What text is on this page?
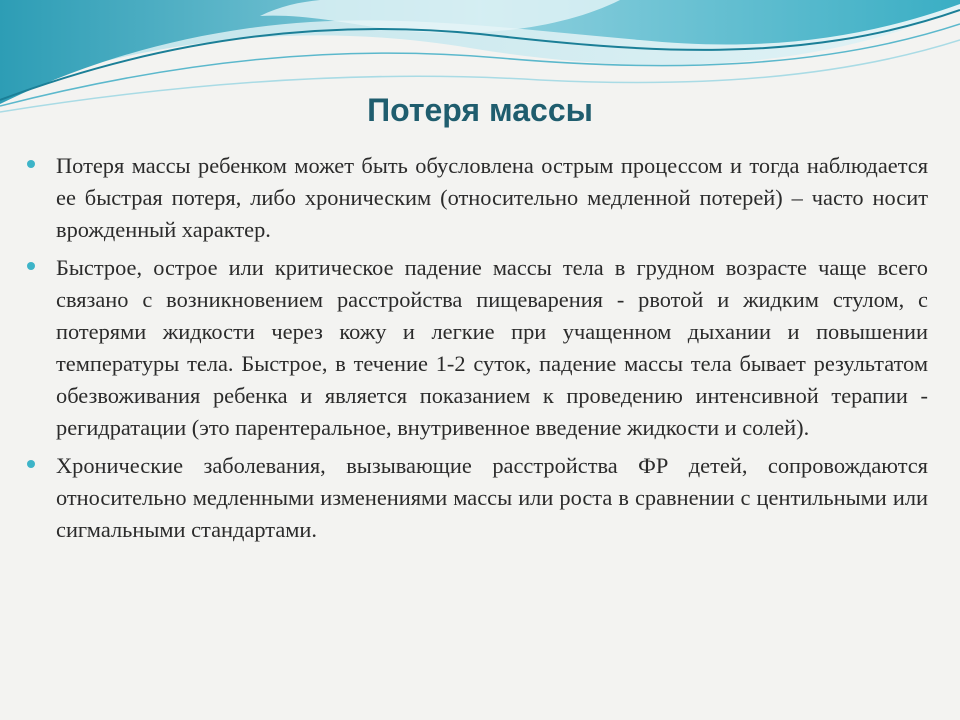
Потеря массы
Потеря массы ребенком может быть обусловлена острым процессом и тогда наблюдается ее быстрая потеря, либо хроническим (относительно медленной потерей) – часто носит врожденный характер.
Быстрое, острое или критическое падение массы тела в грудном возрасте чаще всего связано с возникновением расстройства пищеварения - рвотой и жидким стулом, с потерями жидкости через кожу и легкие при учащенном дыхании и повышении температуры тела. Быстрое, в течение 1-2 суток, падение массы тела бывает результатом обезвоживания ребенка и является показанием к проведению интенсивной терапии - регидратации (это парентеральное, внутривенное введение жидкости и солей).
Хронические заболевания, вызывающие расстройства ФР детей, сопровождаются относительно медленными изменениями массы или роста в сравнении с центильными или сигмальными стандартами.
